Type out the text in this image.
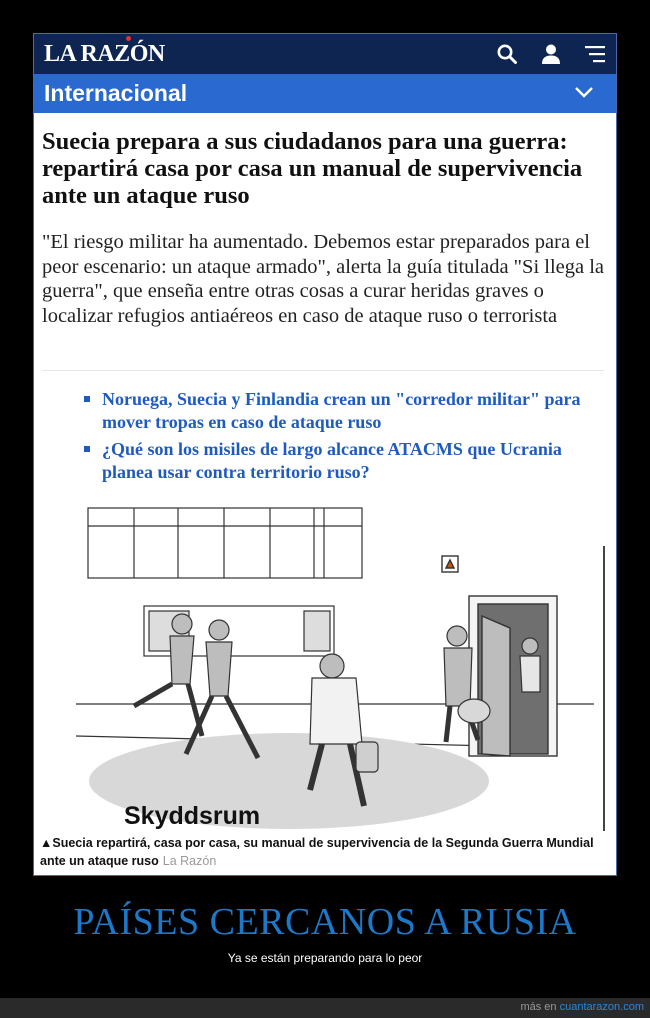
LA RAZÓN
Internacional
Suecia prepara a sus ciudadanos para una guerra: repartirá casa por casa un manual de supervivencia ante un ataque ruso

"El riesgo militar ha aumentado. Debemos estar preparados para el peor escenario: un ataque armado", alerta la guía titulada "Si llega la guerra", que enseña entre otras cosas a curar heridas graves o localizar refugios antiaéreos en caso de ataque ruso o terrorista

Noruega, Suecia y Finlandia crean un "corredor militar" para mover tropas en caso de ataque ruso
¿Qué son los misiles de largo alcance ATACMS que Ucrania planea usar contra territorio ruso?
Skyddsrum
▲Suecia repartirá, casa por casa, su manual de supervivencia de la Segunda Guerra Mundial ante un ataque ruso La Razón
PAÍSES CERCANOS A RUSIA
Ya se están preparando para lo peor
más en cuantarazon.com
